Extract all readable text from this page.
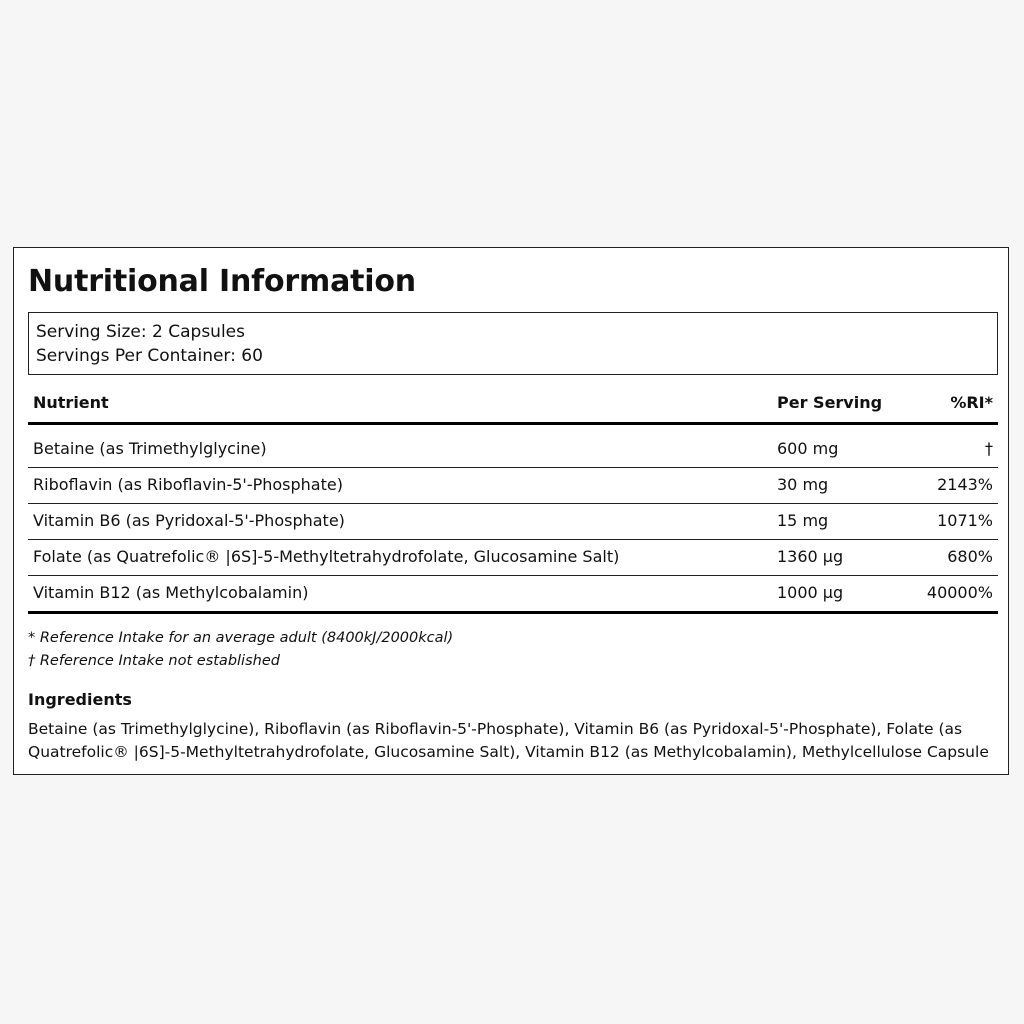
Nutritional Information
Serving Size: 2 Capsules
Servings Per Container: 60
Nutrient	Per Serving	%RI*
Betaine (as Trimethylglycine)	600 mg	†
Riboflavin (as Riboflavin-5'-Phosphate)	30 mg	2143%
Vitamin B6 (as Pyridoxal-5'-Phosphate)	15 mg	1071%
Folate (as Quatrefolic® |6S]-5-Methyltetrahydrofolate, Glucosamine Salt)	1360 µg	680%
Vitamin B12 (as Methylcobalamin)	1000 µg	40000%
* Reference Intake for an average adult (8400kJ/2000kcal)
† Reference Intake not established
Ingredients
Betaine (as Trimethylglycine), Riboflavin (as Riboflavin-5'-Phosphate), Vitamin B6 (as Pyridoxal-5'-Phosphate), Folate (as Quatrefolic® |6S]-5-Methyltetrahydrofolate, Glucosamine Salt), Vitamin B12 (as Methylcobalamin), Methylcellulose Capsule
